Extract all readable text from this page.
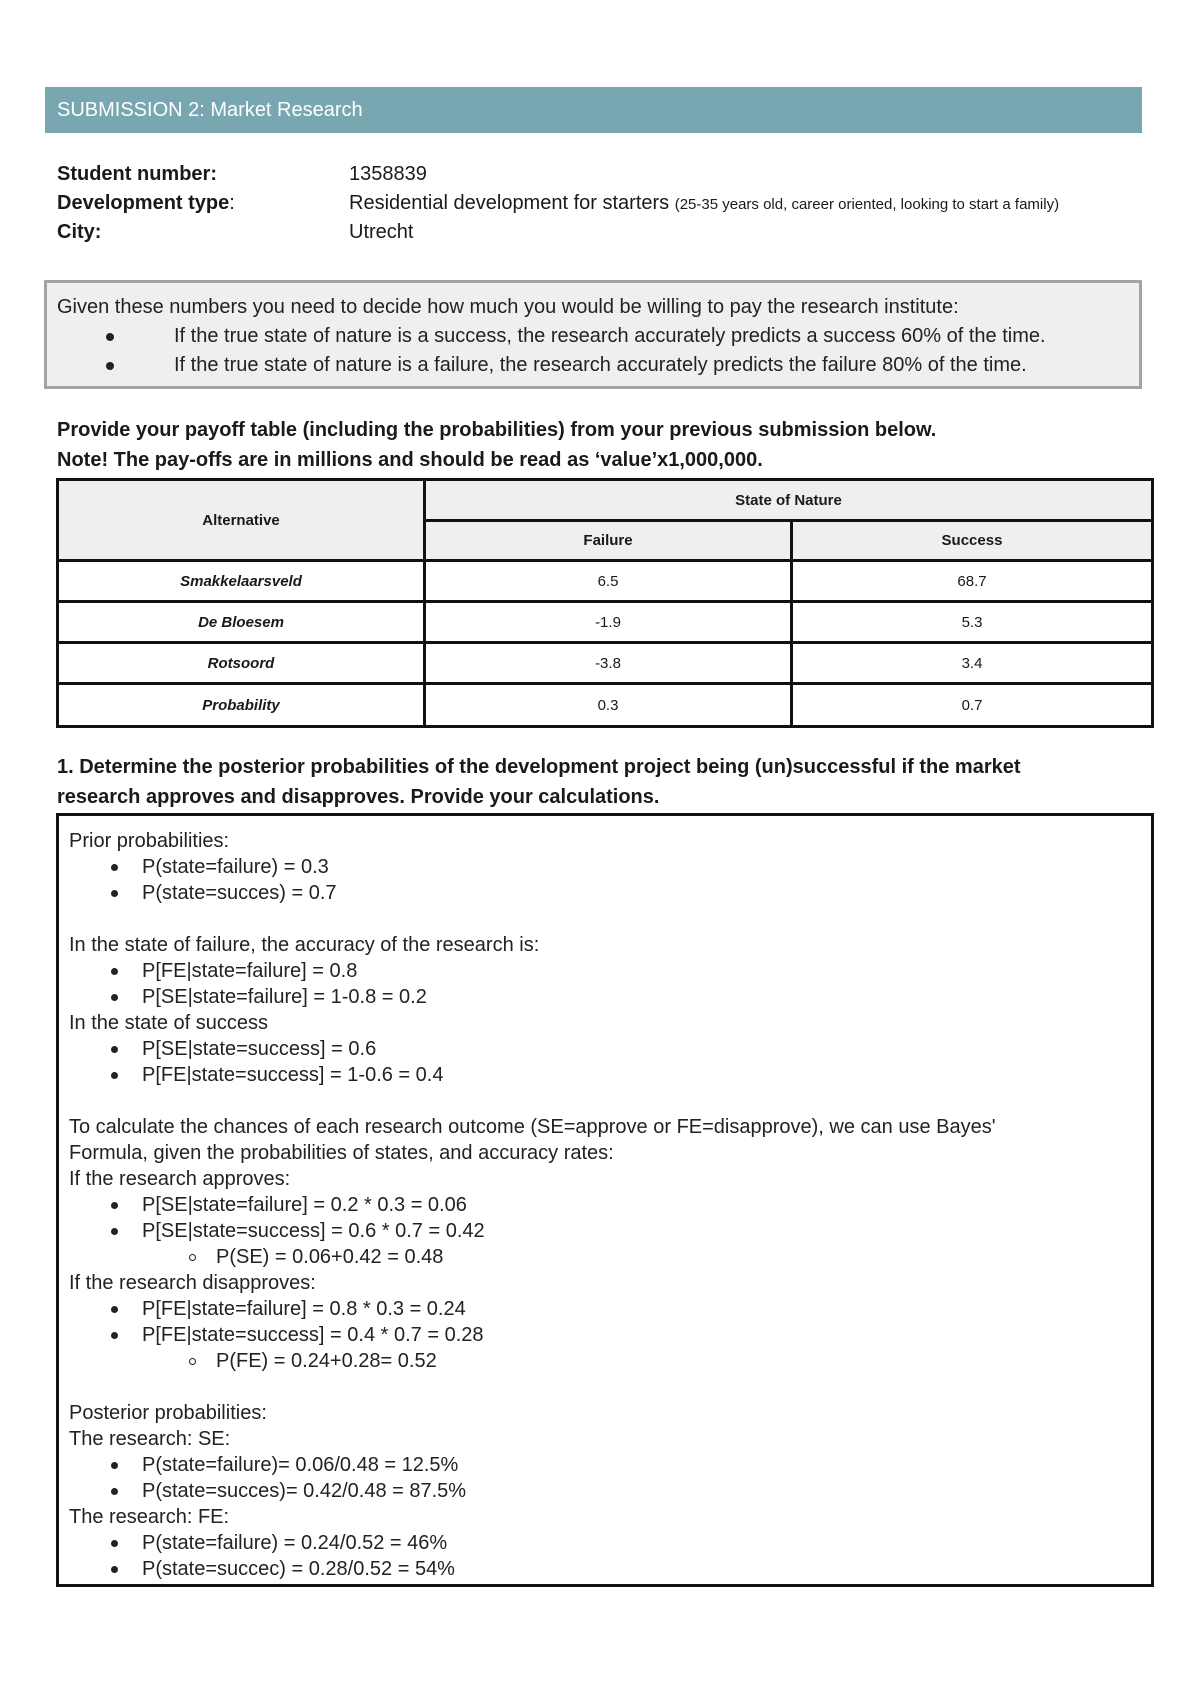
SUBMISSION 2: Market Research
Student number:	1358839
Development type:	Residential development for starters (25-35 years old, career oriented, looking to start a family)
City:	Utrecht
Given these numbers you need to decide how much you would be willing to pay the research institute:
If the true state of nature is a success, the research accurately predicts a success 60% of the time.
If the true state of nature is a failure, the research accurately predicts the failure 80% of the time.
Provide your payoff table (including the probabilities) from your previous submission below.
Note! The pay-offs are in millions and should be read as ‘value’x1,000,000.
Alternative	State of Nature	
	Failure	Success
Smakkelaarsveld	6.5	68.7
De Bloesem	-1.9	5.3
Rotsoord	-3.8	3.4
Probability	0.3	0.7
1. Determine the posterior probabilities of the development project being (un)successful if the market
research approves and disapproves. Provide your calculations.
Prior probabilities:
P(state=failure) = 0.3
P(state=succes) = 0.7
In the state of failure, the accuracy of the research is:
P[FE|state=failure] = 0.8
P[SE|state=failure] = 1-0.8 = 0.2
In the state of success
P[SE|state=success] = 0.6
P[FE|state=success] = 1-0.6 = 0.4
To calculate the chances of each research outcome (SE=approve or FE=disapprove), we can use Bayes'
Formula, given the probabilities of states, and accuracy rates:
If the research approves:
P[SE|state=failure] = 0.2 * 0.3 = 0.06
P[SE|state=success] = 0.6 * 0.7 = 0.42
P(SE) = 0.06+0.42 = 0.48
If the research disapproves:
P[FE|state=failure] = 0.8 * 0.3 = 0.24
P[FE|state=success] = 0.4 * 0.7 = 0.28
P(FE) = 0.24+0.28= 0.52
Posterior probabilities:
The research: SE:
P(state=failure)= 0.06/0.48 = 12.5%
P(state=succes)= 0.42/0.48 = 87.5%
The research: FE:
P(state=failure) = 0.24/0.52 = 46%
P(state=succec) = 0.28/0.52 = 54%
